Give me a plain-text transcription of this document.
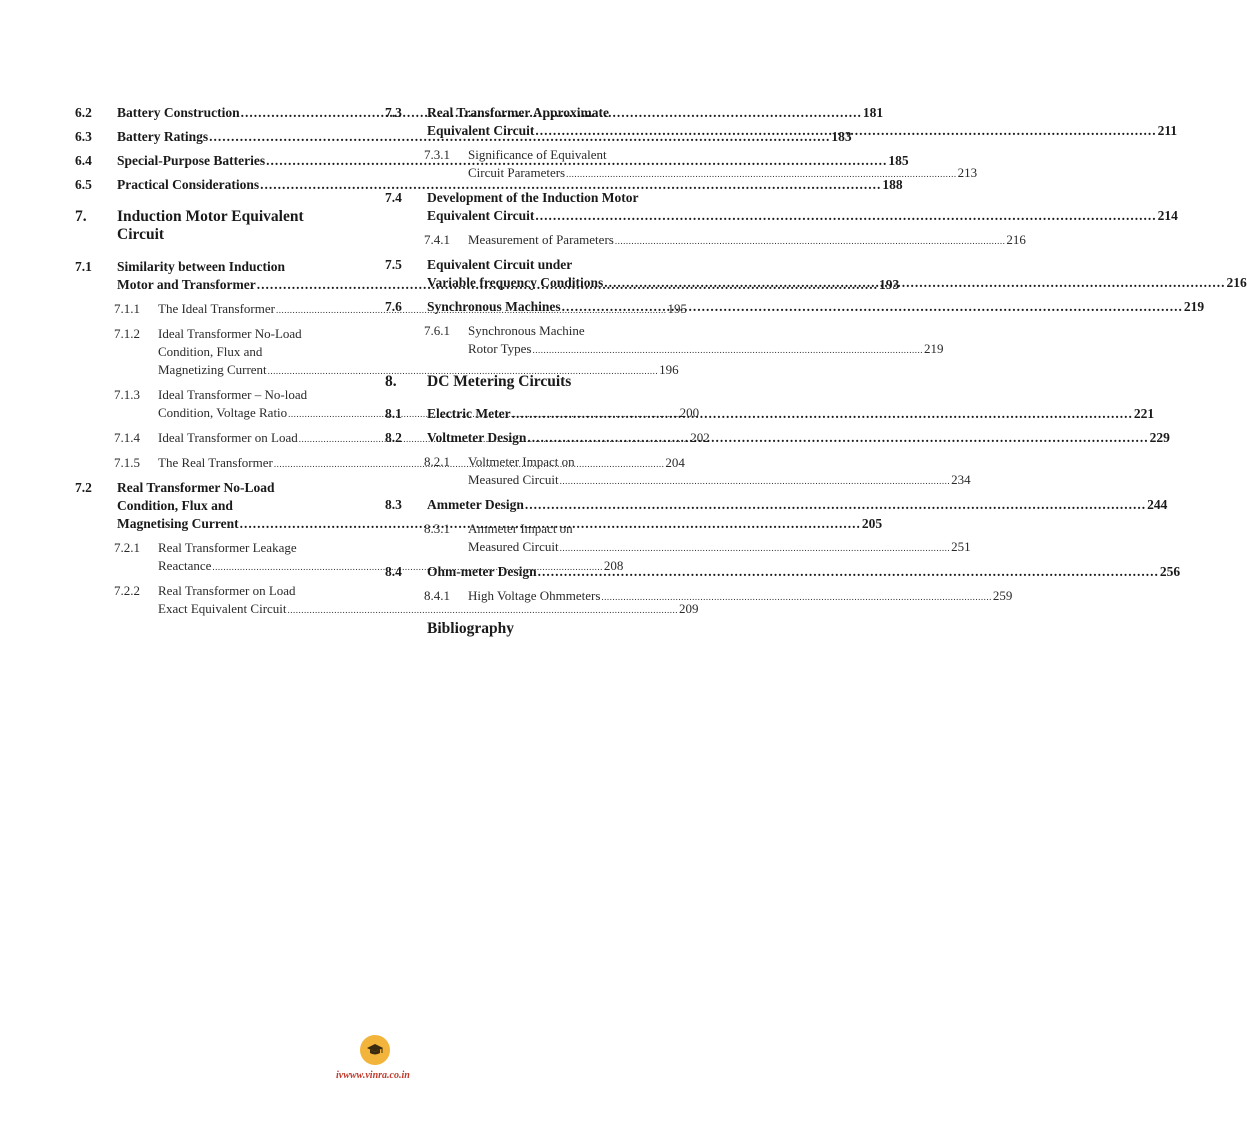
6.2	Battery Construction .....	181
6.3	Battery Ratings .....	183
6.4	Special-Purpose Batteries .....	185
6.5	Practical Considerations .....	188
7.	Induction Motor Equivalent
Circuit
7.1	Similarity between Induction
Motor and Transformer .....	193
7.1.1	The Ideal Transformer .....	195
7.1.2	Ideal Transformer No-Load
Condition, Flux and
Magnetizing Current .....	196
7.1.3	Ideal Transformer – No-load
Condition, Voltage Ratio .....	200
7.1.4	Ideal Transformer on Load .....	202
7.1.5	The Real Transformer .....	204
7.2	Real Transformer No-Load
Condition, Flux and
Magnetising Current .....	205
7.2.1	Real Transformer Leakage
Reactance .....	208
7.2.2	Real Transformer on Load
Exact Equivalent Circuit .....	209
7.3	Real Transformer Approximate
Equivalent Circuit .....	211
7.3.1	Significance of Equivalent
Circuit Parameters .....	213
7.4	Development of the Induction Motor
Equivalent Circuit .....	214
7.4.1	Measurement of Parameters .....	216
7.5	Equivalent Circuit under
Variable frequency Conditions .....	216
7.6	Synchronous Machines .....	219
7.6.1	Synchronous Machine
Rotor Types .....	219
8.	DC Metering Circuits
8.1	Electric Meter .....	221
8.2	Voltmeter Design .....	229
8.2.1	Voltmeter Impact on
Measured Circuit .....	234
8.3	Ammeter Design .....	244
8.3.1	Ammeter Impact on
Measured Circuit .....	251
8.4	Ohm-meter Design .....	256
8.4.1	High Voltage Ohmmeters .....	259
Bibliography
ivwww.vinra.co.in
